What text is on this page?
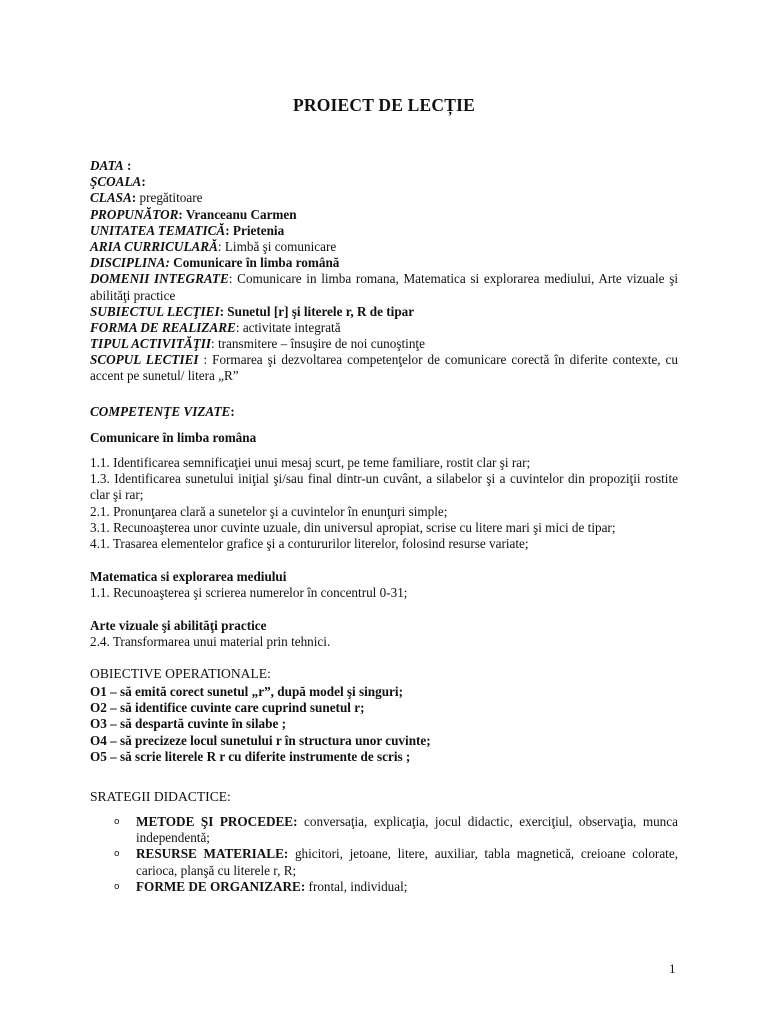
PROIECT DE LECȚIE
DATA :
ŞCOALA:
CLASA: pregătitoare
PROPUNĂTOR: Vranceanu Carmen
UNITATEA TEMATICĂ: Prietenia
ARIA CURRICULARĂ: Limbă şi comunicare
DISCIPLINA: Comunicare în limba română
DOMENII INTEGRATE: Comunicare in limba romana, Matematica si explorarea mediului, Arte vizuale şi abilităţi practice
SUBIECTUL LECŢIEI: Sunetul [r] şi literele r, R de tipar
FORMA DE REALIZARE: activitate integrată
TIPUL ACTIVITĂŢII: transmitere – însuşire de noi cunoştinţe
SCOPUL LECTIEI : Formarea şi dezvoltarea competenţelor de comunicare corectă în diferite contexte, cu accent pe sunetul/ litera „R”
COMPETENŢE VIZATE:
Comunicare în limba româna
1.1. Identificarea semnificaţiei unui mesaj scurt, pe teme familiare, rostit clar şi rar;
1.3. Identificarea sunetului iniţial şi/sau final dintr-un cuvânt, a silabelor şi a cuvintelor din propoziţii rostite clar şi rar;
2.1. Pronunţarea clară a sunetelor şi a cuvintelor în enunţuri simple;
3.1. Recunoaşterea unor cuvinte uzuale, din universul apropiat, scrise cu litere mari şi mici de tipar;
4.1. Trasarea elementelor grafice şi a contururilor literelor, folosind resurse variate;
Matematica si explorarea mediului
1.1. Recunoaşterea şi scrierea numerelor în concentrul 0-31;
Arte vizuale şi abilităţi practice
2.4. Transformarea unui material prin tehnici.
OBIECTIVE OPERATIONALE:
O1 – să emită corect sunetul „r”, după model şi singuri;
O2 – să identifice cuvinte care cuprind sunetul r;
O3 – să despartă cuvinte în silabe ;
O4 – să precizeze locul sunetului r în structura unor cuvinte;
O5 – să scrie literele R r cu diferite instrumente de scris ;
SRATEGII DIDACTICE:
o METODE ŞI PROCEDEE: conversaţia, explicaţia, jocul didactic, exerciţiul, observaţia, munca independentă;
o RESURSE MATERIALE: ghicitori, jetoane, litere, auxiliar, tabla magnetică, creioane colorate, carioca, planşă cu literele r, R;
o FORME DE ORGANIZARE: frontal, individual;
1
